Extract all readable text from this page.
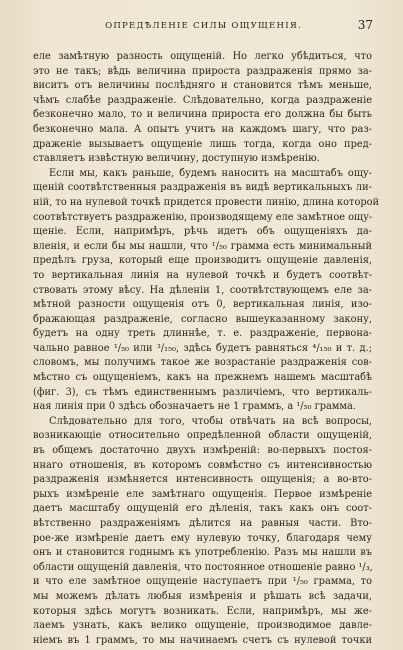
ОПРЕДѢЛЕНІЕ СИЛЫ ОЩУЩЕНІЯ.	37
еле замѣтную разность ощущеній. Но легко убѣдиться, что
это не такъ; вѣдь величина прироста раздраженія прямо за-
виситъ отъ величины послѣдняго и становится тѣмъ меньше,
чѣмъ слабѣе раздраженіе. Слѣдовательно, когда раздраженіе
безконечно мало, то и величина прироста его должна бы быть
безконечно мала. А опытъ учитъ на каждомъ шагу, что раз-
драженіе вызываетъ ощущеніе лишь тогда, когда оно пред-
ставляетъ извѣстную величину, доступную измѣренію.
Если мы, какъ раньше, будемъ наносить на масштабъ ощу-
щеній соотвѣтственныя раздраженія въ видѣ вертикальныхъ ли-
ній, то на нулевой точкѣ придется провести линію, длина которой
соотвѣтствуетъ раздраженію, производящему еле замѣтное ощу-
щеніе. Если, напримѣръ, рѣчь идетъ объ ощущеніяхъ да-
вленія, и если бы мы нашли, что ¹/₅₀ грамма есть минимальный
предѣлъ груза, который еще производитъ ощущеніе давленія,
то вертикальная линія на нулевой точкѣ и будетъ соотвѣт-
ствовать этому вѣсу. На дѣленіи 1, соотвѣтствующемъ еле за-
мѣтной разности ощущенія отъ 0, вертикальная линія, изо-
бражающая раздраженіе, согласно вышеуказанному закону,
будетъ на одну треть длиннѣе, т. е. раздраженіе, первона-
чально равное ¹/₅₀ или ³/₁₅₀, здѣсь будетъ равняться ⁴/₁₅₀ и т. д.;
словомъ, мы получимъ такое же возрастаніе раздраженія сов-
мѣстно съ ощущеніемъ, какъ на прежнемъ нашемъ масштабѣ
(фиг. 3), съ тѣмъ единственнымъ различіемъ, что вертикаль-
ная линія при 0 здѣсь обозначаетъ не 1 граммъ, а ¹/₅₀ грамма.
Слѣдовательно для того, чтобы отвѣчать на всѣ вопросы,
возникающіе относительно опредѣленной области ощущеній,
въ общемъ достаточно двухъ измѣреній: во-первыхъ постоя-
ннаго отношенія, въ которомъ совмѣстно съ интенсивностью
раздраженія измѣняется интенсивность ощущенія; а во-вто-
рыхъ измѣреніе еле замѣтнаго ощущенія. Первое измѣреніе
даетъ масштабу ощущеній его дѣленія, такъ какъ онъ соот-
вѣтственно раздраженіямъ дѣлится на равныя части. Вто-
рое-же измѣреніе даетъ ему нулевую точку, благодаря чему
онъ и становится годнымъ къ употребленію. Разъ мы нашли въ
области ощущеній давленія, что постоянное отношеніе равно ¹/₃,
и что еле замѣтное ощущеніе наступаетъ при ¹/₅₀ грамма, то
мы можемъ дѣлать любыя измѣренія и рѣшать всѣ задачи,
которыя здѣсь могутъ возникать. Если, напримѣръ, мы же-
лаемъ узнать, какъ велико ощущеніе, производимое давле-
ніемъ въ 1 граммъ, то мы начинаемъ счетъ съ нулевой точки
